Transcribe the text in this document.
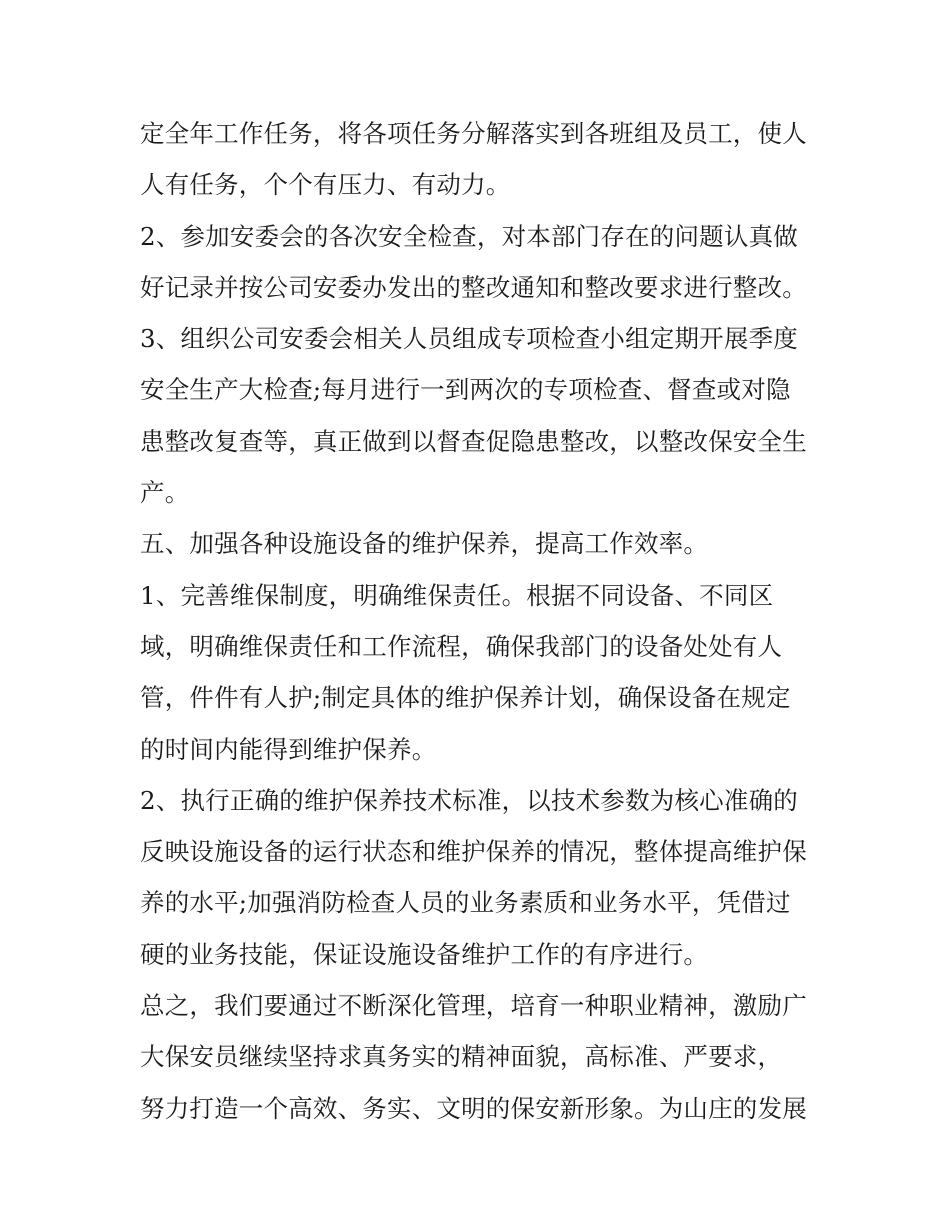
定全年工作任务，将各项任务分解落实到各班组及员工，使人
人有任务，个个有压力、有动力。
2、参加安委会的各次安全检查，对本部门存在的问题认真做
好记录并按公司安委办发出的整改通知和整改要求进行整改。
3、组织公司安委会相关人员组成专项检查小组定期开展季度
安全生产大检查;每月进行一到两次的专项检查、督查或对隐
患整改复查等，真正做到以督查促隐患整改，以整改保安全生
产。
五、加强各种设施设备的维护保养，提高工作效率。
1、完善维保制度，明确维保责任。根据不同设备、不同区
域，明确维保责任和工作流程，确保我部门的设备处处有人
管，件件有人护;制定具体的维护保养计划，确保设备在规定
的时间内能得到维护保养。
2、执行正确的维护保养技术标准，以技术参数为核心准确的
反映设施设备的运行状态和维护保养的情况，整体提高维护保
养的水平;加强消防检查人员的业务素质和业务水平，凭借过
硬的业务技能，保证设施设备维护工作的有序进行。
总之，我们要通过不断深化管理，培育一种职业精神，激励广
大保安员继续坚持求真务实的精神面貌，高标准、严要求，
努力打造一个高效、务实、文明的保安新形象。为山庄的发展
